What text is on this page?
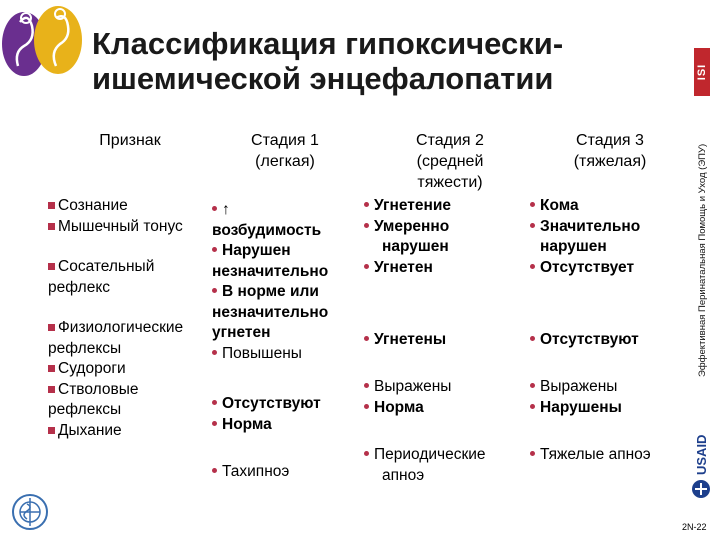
Классификация гипоксически-ишемической энцефалопатии	ISI
Эффективная Перинатальная Помощь и Уход (ЭПУ)
USAID
2N-22
Признак	Стадия 1
(легкая)
Стадия 2
(средней
тяжести)
Стадия 3
(тяжелая)
Сознание
Мышечный тонус
Сосательный
рефлекс
Физиологические
рефлексы
Судороги
Стволовые
рефлексы
Дыхание
↑
возбудимость
Нарушен
незначительно
В норме или
незначительно
угнетен
Повышены
Отсутствуют
Норма
Тахипноэ
Угнетение
Умеренно
нарушен
Угнетен
Угнетены
Выражены
Норма
Периодические
апноэ
Кома
Значительно
нарушен
Отсутствует
Отсутствуют
Выражены
Нарушены
Тяжелые апноэ
